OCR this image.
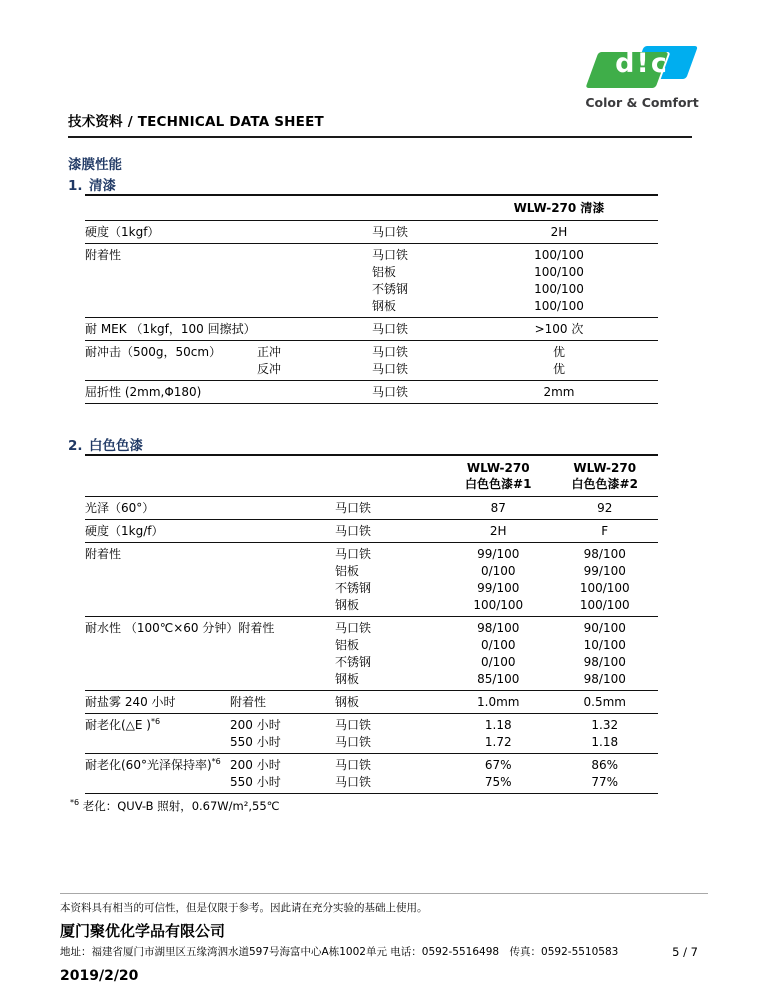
d!c
Color & Comfort
技术资料 / TECHNICAL DATA SHEET
漆膜性能
1. 清漆
WLW-270 清漆
硬度（1kgf）	马口铁	2H
附着性	马口铁	100/100
铝板	100/100
不锈钢	100/100
钢板	100/100
耐 MEK （1kgf，100 回擦拭）	马口铁	>100 次
耐冲击（500g，50cm）	正冲	马口铁	优
反冲	马口铁	优
屈折性 (2mm,Φ180)	马口铁	2mm
2. 白色色漆
WLW-270
白色色漆#1
WLW-270
白色色漆#2
光泽（60°）	马口铁	87	92
硬度（1kg/f）	马口铁	2H	F
附着性	马口铁	99/100	98/100
铝板	0/100	99/100
不锈钢	99/100	100/100
钢板	100/100	100/100
耐水性 （100℃×60 分钟）附着性	马口铁	98/100	90/100
铝板	0/100	10/100
不锈钢	0/100	98/100
钢板	85/100	98/100
耐盐雾 240 小时	附着性	钢板	1.0mm	0.5mm
耐老化(△E )$^{*6}$	200 小时	马口铁	1.18	1.32
550 小时	马口铁	1.72	1.18
耐老化(60°光泽保持率)$^{*6}$ 200 小时	马口铁	67%	86%
550 小时	马口铁	75%	77%
$^{*6}$ 老化：QUV-B 照射，0.67W/m²,55℃
本资料具有相当的可信性，但是仅限于参考。因此请在充分实验的基础上使用。
厦门聚优化学品有限公司
地址：福建省厦门市湖里区五缘湾泗水道597号海富中心A栋1002单元 电话：0592-5516498　传真：0592-5510583	5 / 7
2019/2/20
